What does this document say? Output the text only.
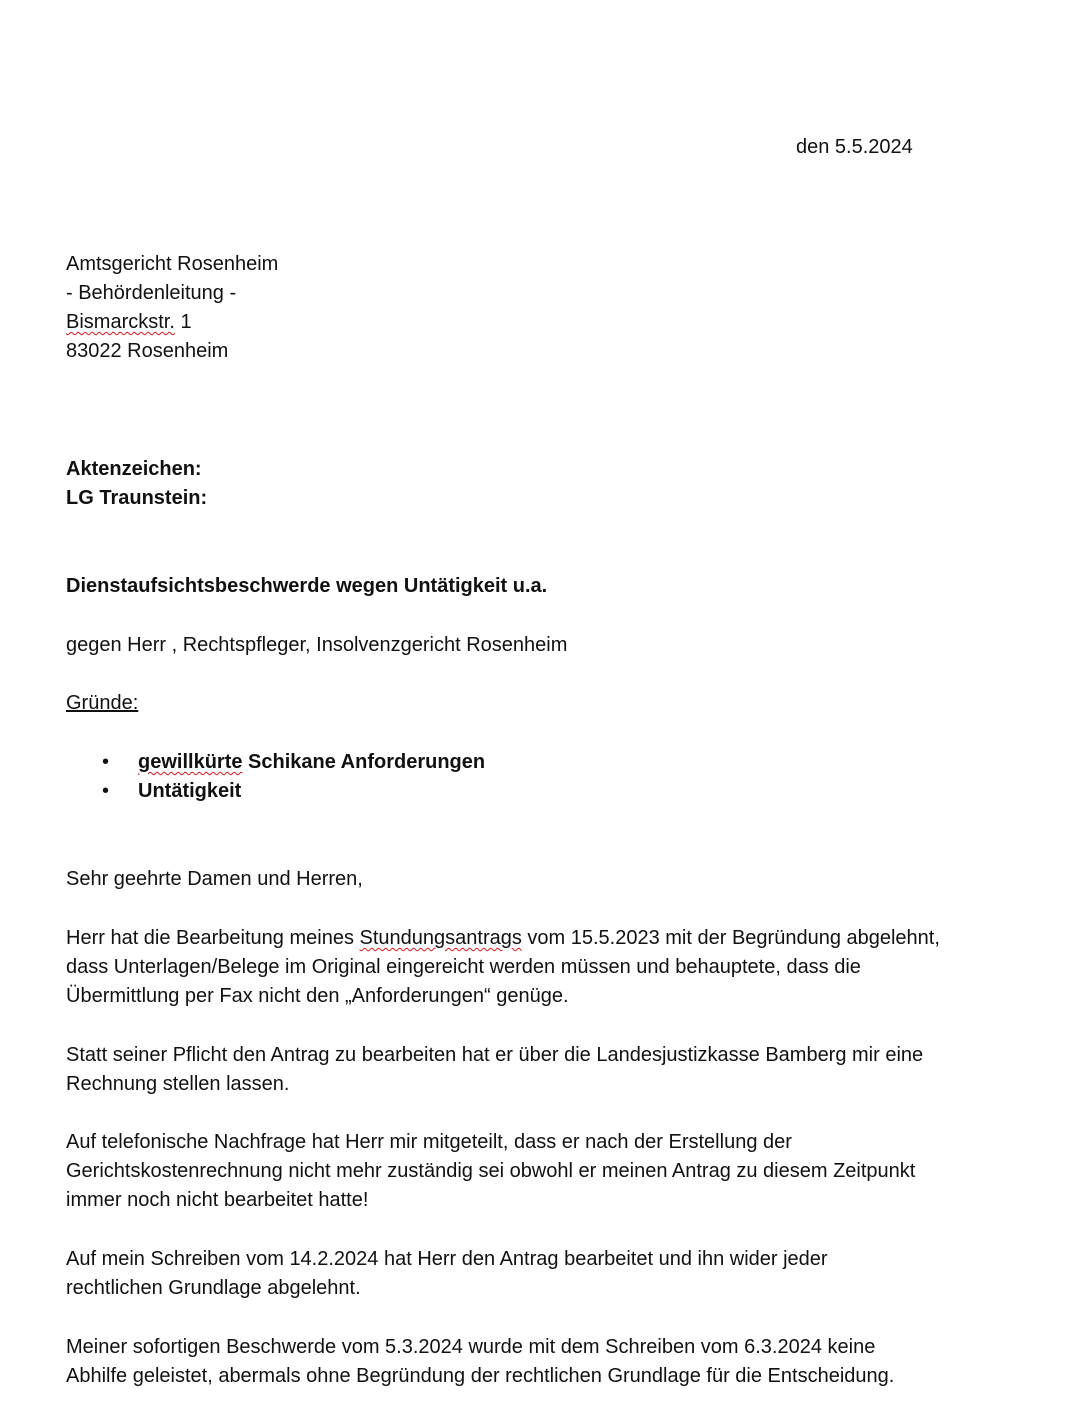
den 5.5.2024
Amtsgericht Rosenheim
- Behördenleitung -
Bismarckstr. 1
83022 Rosenheim
Aktenzeichen:
LG Traunstein:
Dienstaufsichtsbeschwerde wegen Untätigkeit u.a.
gegen Herr , Rechtspfleger, Insolvenzgericht Rosenheim
Gründe:
• gewillkürte Schikane Anforderungen
• Untätigkeit
Sehr geehrte Damen und Herren,

Herr hat die Bearbeitung meines Stundungsantrags vom 15.5.2023 mit der Begründung abgelehnt,
dass Unterlagen/Belege im Original eingereicht werden müssen und behauptete, dass die
Übermittlung per Fax nicht den „Anforderungen“ genüge.

Statt seiner Pflicht den Antrag zu bearbeiten hat er über die Landesjustizkasse Bamberg mir eine
Rechnung stellen lassen.

Auf telefonische Nachfrage hat Herr mir mitgeteilt, dass er nach der Erstellung der
Gerichtskostenrechnung nicht mehr zuständig sei obwohl er meinen Antrag zu diesem Zeitpunkt
immer noch nicht bearbeitet hatte!

Auf mein Schreiben vom 14.2.2024 hat Herr den Antrag bearbeitet und ihn wider jeder
rechtlichen Grundlage abgelehnt.

Meiner sofortigen Beschwerde vom 5.3.2024 wurde mit dem Schreiben vom 6.3.2024 keine
Abhilfe geleistet, abermals ohne Begründung der rechtlichen Grundlage für die Entscheidung.
